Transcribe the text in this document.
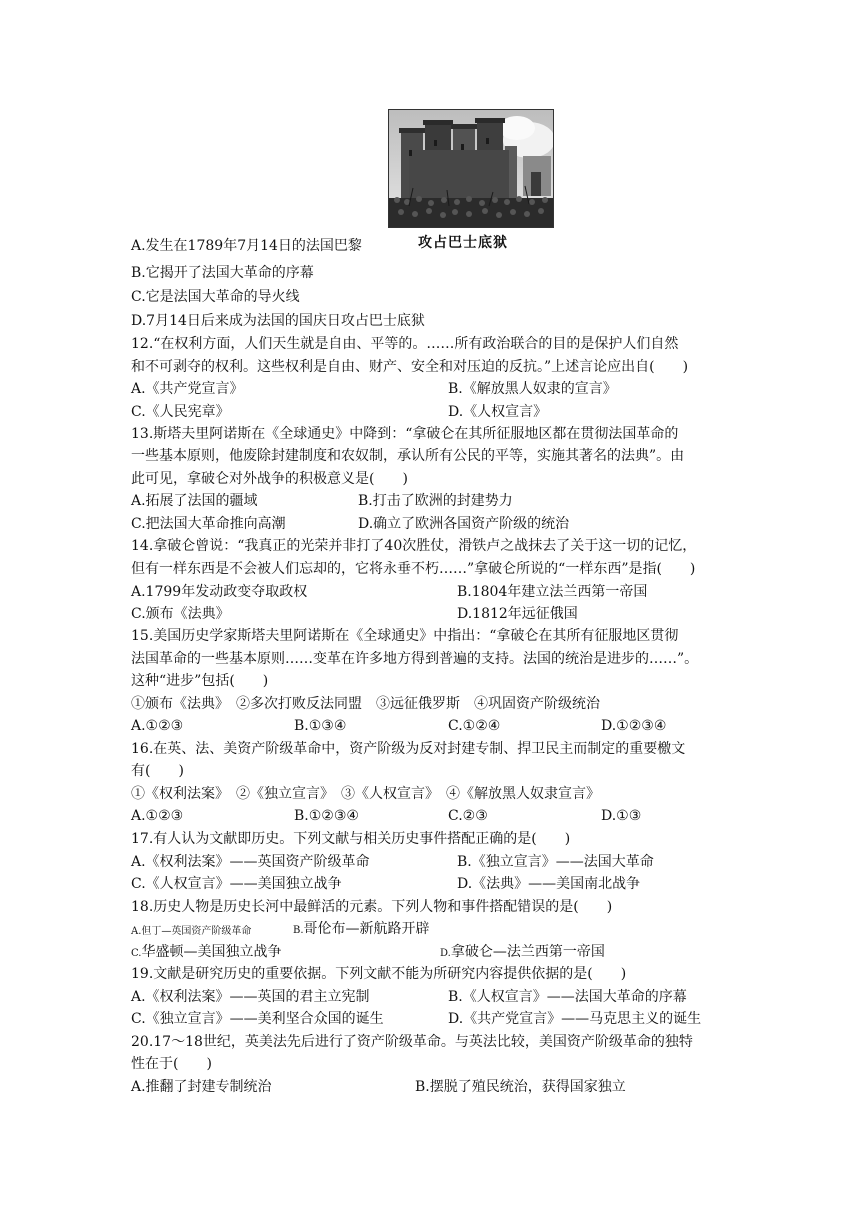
攻占巴士底狱
A.发生在1789年7月14日的法国巴黎
B.它揭开了法国大革命的序幕
C.它是法国大革命的导火线
D.7月14日后来成为法国的国庆日攻占巴士底狱
12.“在权利方面，人们天生就是自由、平等的。……所有政治联合的目的是保护人们自然
和不可剥夺的权利。这些权利是自由、财产、安全和对压迫的反抗。”上述言论应出自(　　)
A.《共产党宣言》	B.《解放黑人奴隶的宣言》
C.《人民宪章》	D.《人权宣言》
13.斯塔夫里阿诺斯在《全球通史》中降到：“拿破仑在其所征服地区都在贯彻法国革命的
一些基本原则，他废除封建制度和农奴制，承认所有公民的平等，实施其著名的法典”。由
此可见，拿破仑对外战争的积极意义是(　　)
A.拓展了法国的疆域	B.打击了欧洲的封建势力
C.把法国大革命推向高潮	D.确立了欧洲各国资产阶级的统治
14.拿破仑曾说：“我真正的光荣并非打了40次胜仗，滑铁卢之战抹去了关于这一切的记忆，
但有一样东西是不会被人们忘却的，它将永垂不朽……”拿破仑所说的“一样东西”是指(　　)
A.1799年发动政变夺取政权	B.1804年建立法兰西第一帝国
C.颁布《法典》	D.1812年远征俄国
15.美国历史学家斯塔夫里阿诺斯在《全球通史》中指出：“拿破仑在其所有征服地区贯彻
法国革命的一些基本原则……变革在许多地方得到普遍的支持。法国的统治是进步的……”。
这种“进步”包括(　　)
①颁布《法典》　②多次打败反法同盟　③远征俄罗斯　④巩固资产阶级统治
A.①②③	B.①③④	C.①②④	D.①②③④
16.在英、法、美资产阶级革命中，资产阶级为反对封建专制、捍卫民主而制定的重要檄文
有(　　)
①《权利法案》　②《独立宣言》　③《人权宣言》　④《解放黑人奴隶宣言》
A.①②③	B.①②③④	C.②③	D.①③
17.有人认为文献即历史。下列文献与相关历史事件搭配正确的是(　　)
A.《权利法案》——英国资产阶级革命	B.《独立宣言》——法国大革命
C.《人权宣言》——美国独立战争	D.《法典》——美国南北战争
18.历史人物是历史长河中最鲜活的元素。下列人物和事件搭配错误的是(　　)
A.但丁—英国资产阶级革命	B.哥伦布—新航路开辟
C.华盛顿—美国独立战争	D.拿破仑—法兰西第一帝国
19.文献是研究历史的重要依据。下列文献不能为所研究内容提供依据的是(　　)
A.《权利法案》——英国的君主立宪制	B.《人权宣言》——法国大革命的序幕
C.《独立宣言》——美利坚合众国的诞生	D.《共产党宣言》——马克思主义的诞生
20.17～18世纪，英美法先后进行了资产阶级革命。与英法比较，美国资产阶级革命的独特
性在于(　　)
A.推翻了封建专制统治	B.摆脱了殖民统治，获得国家独立
